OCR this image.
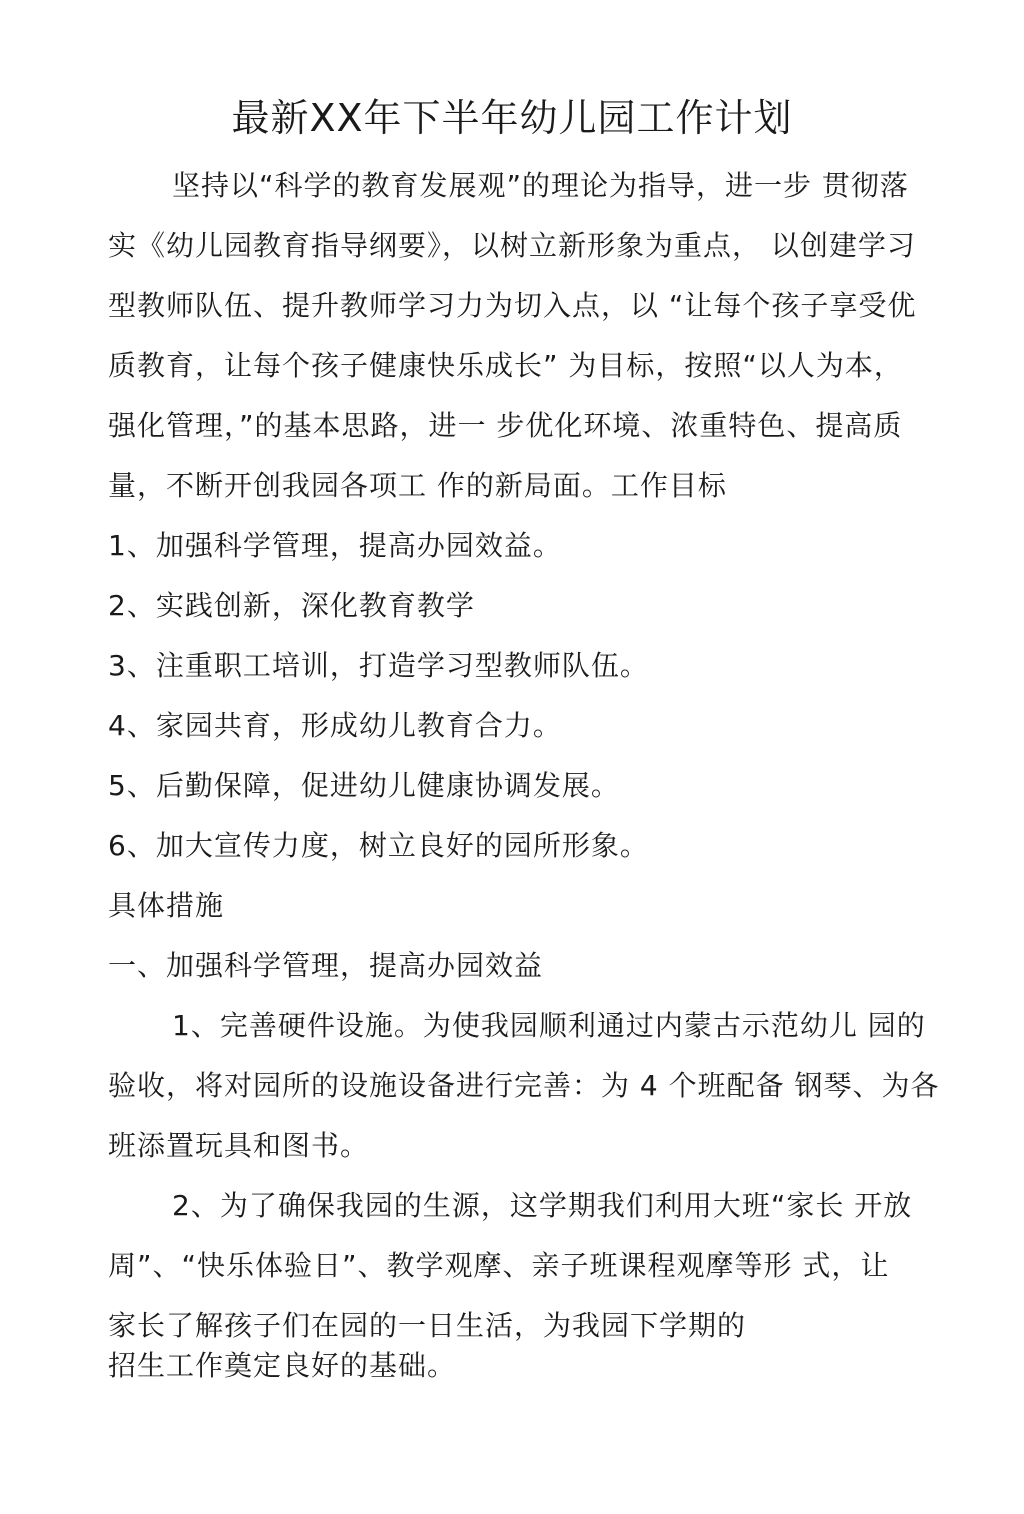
最新XX年下半年幼儿园工作计划
坚持以“科学的教育发展观”的理论为指导，进一步 贯彻落
实《幼儿园教育指导纲要》，以树立新形象为重点， 以创建学习
型教师队伍、提升教师学习力为切入点，以 “让每个孩子享受优
质教育，让每个孩子健康快乐成长” 为目标，按照“以人为本，
强化管理，”的基本思路，进一 步优化环境、浓重特色、提高质
量，不断开创我园各项工 作的新局面。工作目标
1、加强科学管理，提高办园效益。
2、实践创新，深化教育教学
3、注重职工培训，打造学习型教师队伍。
4、家园共育，形成幼儿教育合力。
5、后勤保障，促进幼儿健康协调发展。
6、加大宣传力度，树立良好的园所形象。
具体措施
一、加强科学管理，提高办园效益
1、完善硬件设施。为使我园顺利通过内蒙古示范幼儿 园的
验收，将对园所的设施设备进行完善：为 4 个班配备 钢琴、为各
班添置玩具和图书。
2、为了确保我园的生源，这学期我们利用大班“家长 开放
周”、“快乐体验日”、教学观摩、亲子班课程观摩等形 式，让
家长了解孩子们在园的一日生活，为我园下学期的
招生工作奠定良好的基础。
